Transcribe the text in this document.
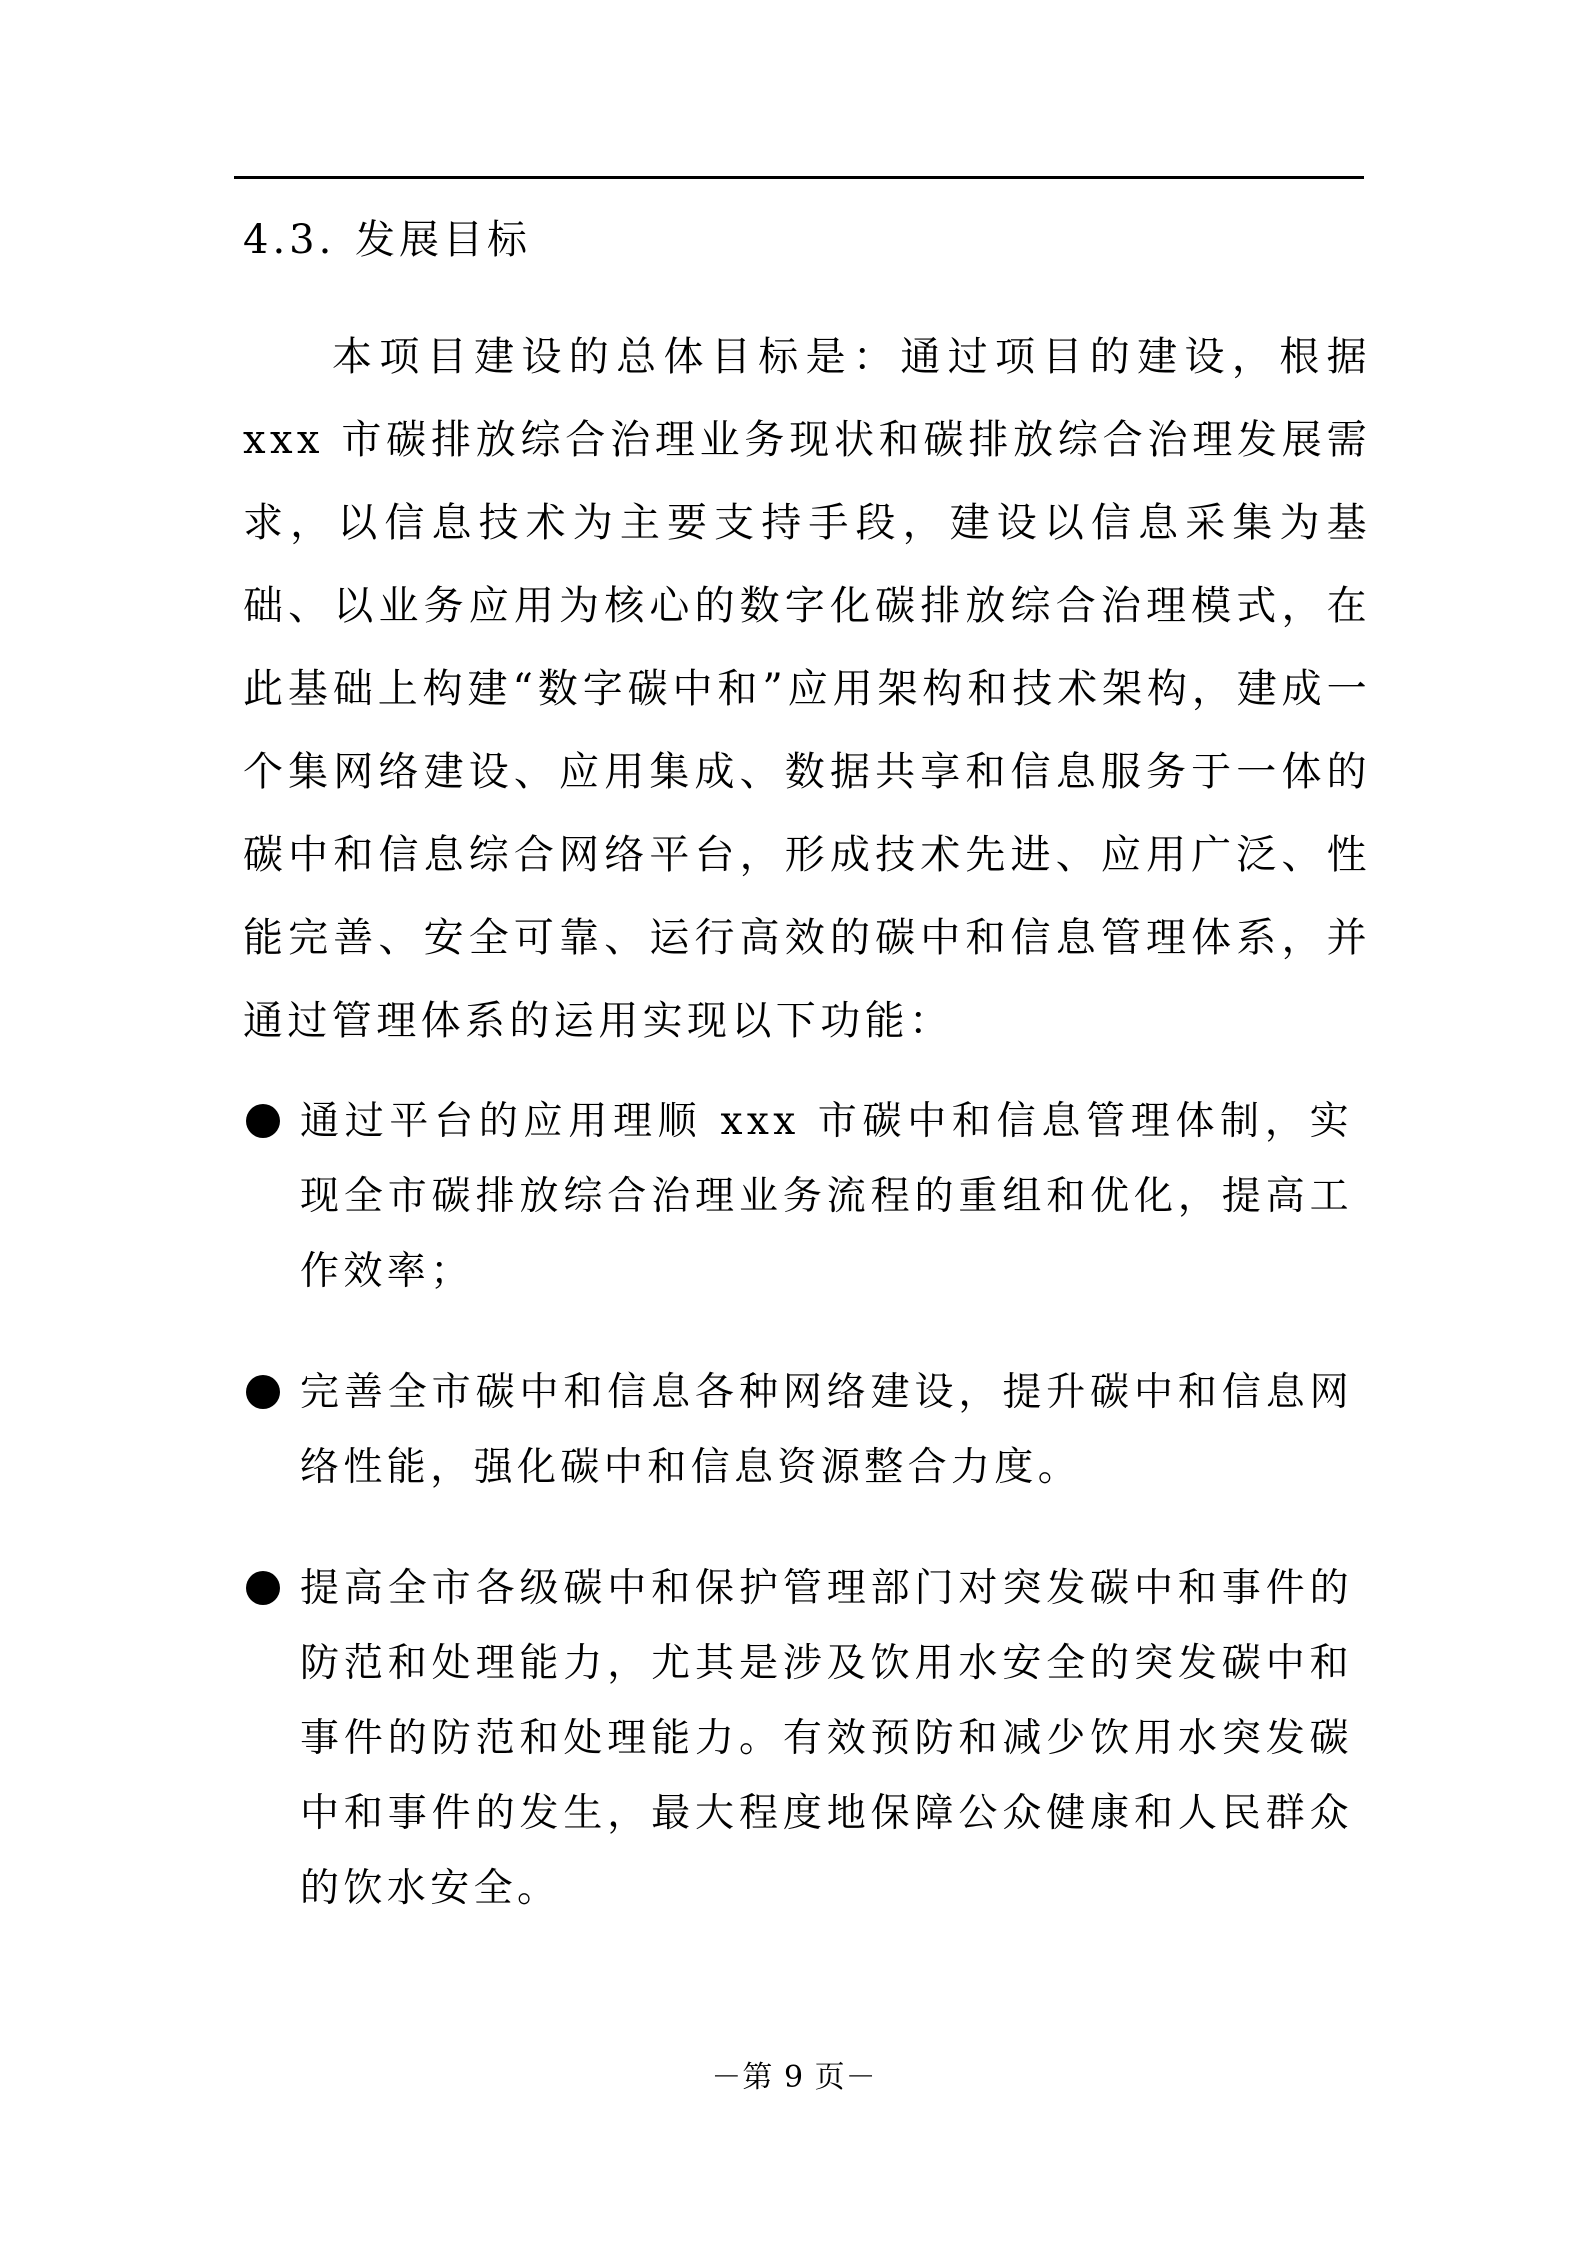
4.3. 发展目标

本项目建设的总体目标是：通过项目的建设，根据 xxx 市碳排放综合治理业务现状和碳排放综合治理发展需求，以信息技术为主要支持手段，建设以信息采集为基础、以业务应用为核心的数字化碳排放综合治理模式，在此基础上构建“数字碳中和”应用架构和技术架构，建成一个集网络建设、应用集成、数据共享和信息服务于一体的碳中和信息综合网络平台，形成技术先进、应用广泛、性能完善、安全可靠、运行高效的碳中和信息管理体系，并通过管理体系的运用实现以下功能：

通过平台的应用理顺 xxx 市碳中和信息管理体制，实现全市碳排放综合治理业务流程的重组和优化，提高工作效率；
完善全市碳中和信息各种网络建设，提升碳中和信息网络性能，强化碳中和信息资源整合力度。
提高全市各级碳中和保护管理部门对突发碳中和事件的防范和处理能力，尤其是涉及饮用水安全的突发碳中和事件的防范和处理能力。有效预防和减少饮用水突发碳中和事件的发生，最大程度地保障公众健康和人民群众的饮水安全。
－第 9 页－
